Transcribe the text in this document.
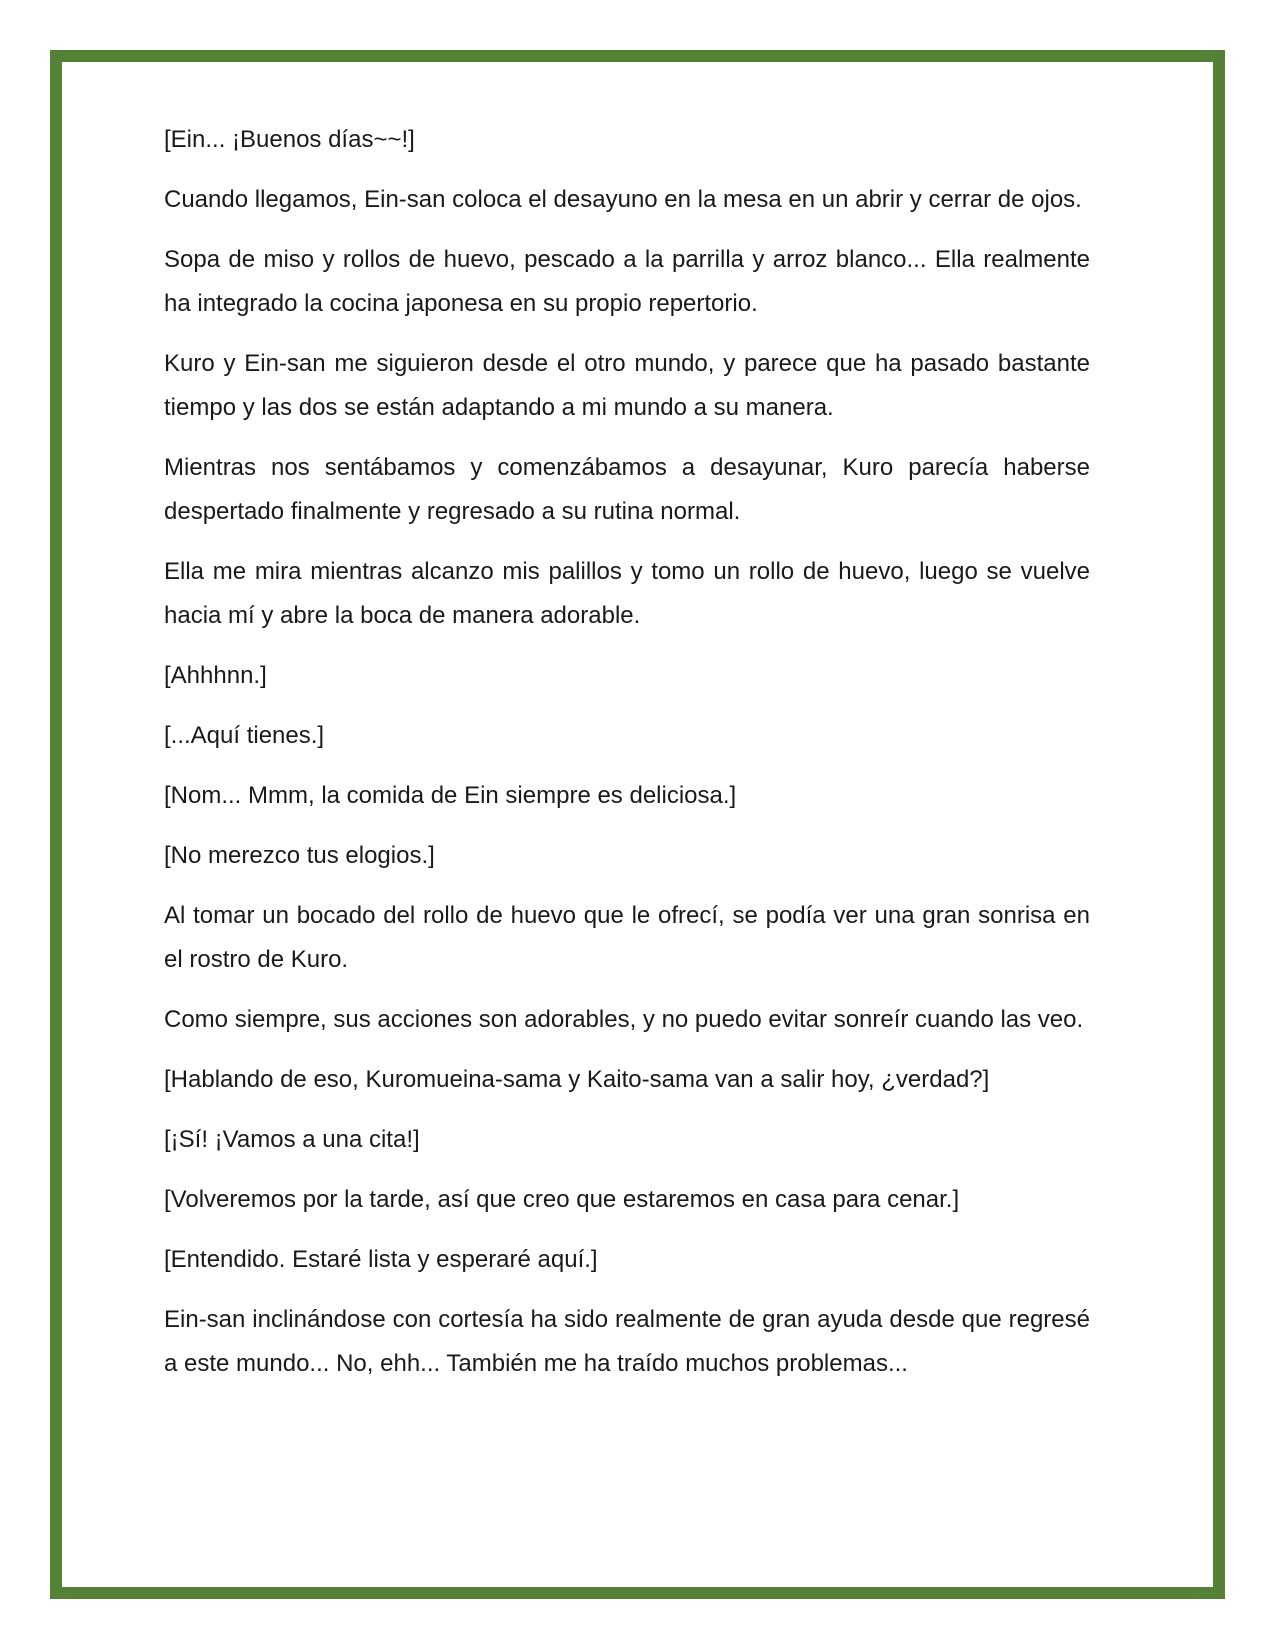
[Ein... ¡Buenos días~~!]

Cuando llegamos, Ein-san coloca el desayuno en la mesa en un abrir y cerrar de ojos.

Sopa de miso y rollos de huevo, pescado a la parrilla y arroz blanco... Ella realmente ha integrado la cocina japonesa en su propio repertorio.

Kuro y Ein-san me siguieron desde el otro mundo, y parece que ha pasado bastante tiempo y las dos se están adaptando a mi mundo a su manera.

Mientras nos sentábamos y comenzábamos a desayunar, Kuro parecía haberse despertado finalmente y regresado a su rutina normal.

Ella me mira mientras alcanzo mis palillos y tomo un rollo de huevo, luego se vuelve hacia mí y abre la boca de manera adorable.

[Ahhhnn.]

[...Aquí tienes.]

[Nom... Mmm, la comida de Ein siempre es deliciosa.]

[No merezco tus elogios.]

Al tomar un bocado del rollo de huevo que le ofrecí, se podía ver una gran sonrisa en el rostro de Kuro.

Como siempre, sus acciones son adorables, y no puedo evitar sonreír cuando las veo.

[Hablando de eso, Kuromueina-sama y Kaito-sama van a salir hoy, ¿verdad?]

[¡Sí! ¡Vamos a una cita!]

[Volveremos por la tarde, así que creo que estaremos en casa para cenar.]

[Entendido. Estaré lista y esperaré aquí.]

Ein-san inclinándose con cortesía ha sido realmente de gran ayuda desde que regresé a este mundo... No, ehh... También me ha traído muchos problemas...
